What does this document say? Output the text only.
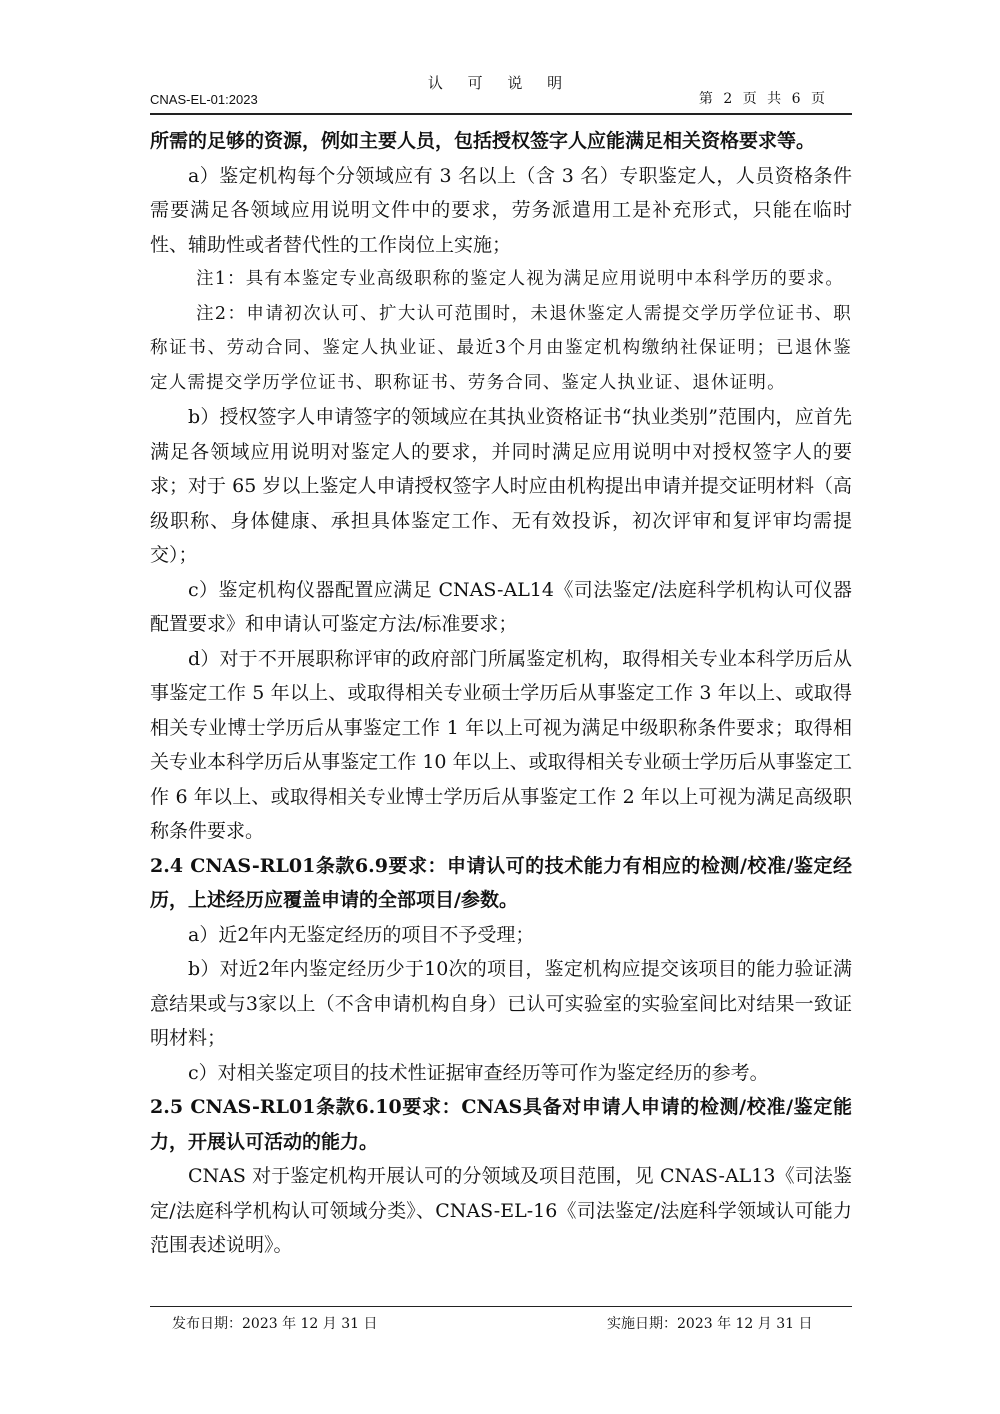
认 可 说 明
CNAS-EL-01:2023	第 2 页 共 6 页

所需的足够的资源，例如主要人员，包括授权签字人应能满足相关资格要求等。

a）鉴定机构每个分领域应有 3 名以上（含 3 名）专职鉴定人，人员资格条件需要满足各领域应用说明文件中的要求，劳务派遣用工是补充形式，只能在临时性、辅助性或者替代性的工作岗位上实施；

注1：具有本鉴定专业高级职称的鉴定人视为满足应用说明中本科学历的要求。

注2：申请初次认可、扩大认可范围时，未退休鉴定人需提交学历学位证书、职称证书、劳动合同、鉴定人执业证、最近3个月由鉴定机构缴纳社保证明；已退休鉴定人需提交学历学位证书、职称证书、劳务合同、鉴定人执业证、退休证明。

b）授权签字人申请签字的领域应在其执业资格证书“执业类别”范围内，应首先满足各领域应用说明对鉴定人的要求，并同时满足应用说明中对授权签字人的要求；对于 65 岁以上鉴定人申请授权签字人时应由机构提出申请并提交证明材料（高级职称、身体健康、承担具体鉴定工作、无有效投诉，初次评审和复评审均需提交）；

c）鉴定机构仪器配置应满足 CNAS-AL14《司法鉴定/法庭科学机构认可仪器配置要求》和申请认可鉴定方法/标准要求；

d）对于不开展职称评审的政府部门所属鉴定机构，取得相关专业本科学历后从事鉴定工作 5 年以上、或取得相关专业硕士学历后从事鉴定工作 3 年以上、或取得相关专业博士学历后从事鉴定工作 1 年以上可视为满足中级职称条件要求；取得相关专业本科学历后从事鉴定工作 10 年以上、或取得相关专业硕士学历后从事鉴定工作 6 年以上、或取得相关专业博士学历后从事鉴定工作 2 年以上可视为满足高级职称条件要求。

2.4 CNAS-RL01条款6.9要求：申请认可的技术能力有相应的检测/校准/鉴定经历，上述经历应覆盖申请的全部项目/参数。

a）近2年内无鉴定经历的项目不予受理；

b）对近2年内鉴定经历少于10次的项目，鉴定机构应提交该项目的能力验证满意结果或与3家以上（不含申请机构自身）已认可实验室的实验室间比对结果一致证明材料；

c）对相关鉴定项目的技术性证据审查经历等可作为鉴定经历的参考。

2.5 CNAS-RL01条款6.10要求：CNAS具备对申请人申请的检测/校准/鉴定能力，开展认可活动的能力。

CNAS 对于鉴定机构开展认可的分领域及项目范围，见 CNAS-AL13《司法鉴定/法庭科学机构认可领域分类》、CNAS-EL-16《司法鉴定/法庭科学领域认可能力范围表述说明》。

发布日期：2023 年 12 月 31 日	实施日期：2023 年 12 月 31 日
